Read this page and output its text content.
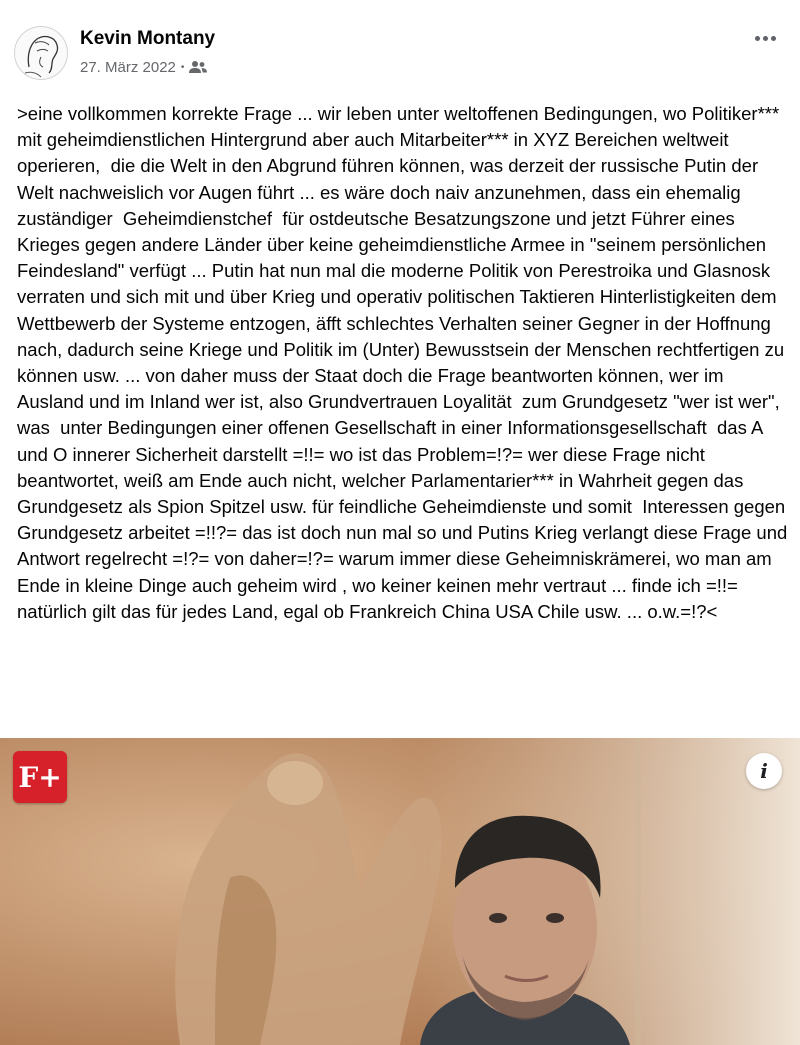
Kevin Montany
27. März 2022 •
>eine vollkommen korrekte Frage ... wir leben unter weltoffenen Bedingungen, wo Politiker*** mit geheimdienstlichen Hintergrund aber auch Mitarbeiter*** in XYZ Bereichen weltweit operieren,  die die Welt in den Abgrund führen können, was derzeit der russische Putin der Welt nachweislich vor Augen führt ... es wäre doch naiv anzunehmen, dass ein ehemalig zuständiger  Geheimdienstchef  für ostdeutsche Besatzungszone und jetzt Führer eines Krieges gegen andere Länder über keine geheimdienstliche Armee in "seinem persönlichen Feindesland" verfügt ... Putin hat nun mal die moderne Politik von Perestroika und Glasnosk verraten und sich mit und über Krieg und operativ politischen Taktieren Hinterlistigkeiten dem Wettbewerb der Systeme entzogen, äfft schlechtes Verhalten seiner Gegner in der Hoffnung nach, dadurch seine Kriege und Politik im (Unter) Bewusstsein der Menschen rechtfertigen zu können usw. ... von daher muss der Staat doch die Frage beantworten können, wer im Ausland und im Inland wer ist, also Grundvertrauen Loyalität  zum Grundgesetz "wer ist wer", was  unter Bedingungen einer offenen Gesellschaft in einer Informationsgesellschaft  das A und O innerer Sicherheit darstellt =!!= wo ist das Problem=!?= wer diese Frage nicht beantwortet, weiß am Ende auch nicht, welcher Parlamentarier*** in Wahrheit gegen das Grundgesetz als Spion Spitzel usw. für feindliche Geheimdienste und somit  Interessen gegen Grundgesetz arbeitet =!!?= das ist doch nun mal so und Putins Krieg verlangt diese Frage und Antwort regelrecht =!?= von daher=!?= warum immer diese Geheimniskrämerei, wo man am Ende in kleine Dinge auch geheim wird , wo keiner keinen mehr vertraut ... finde ich =!!= natürlich gilt das für jedes Land, egal ob Frankreich China USA Chile usw. ... o.w.=!?<
F+	i
